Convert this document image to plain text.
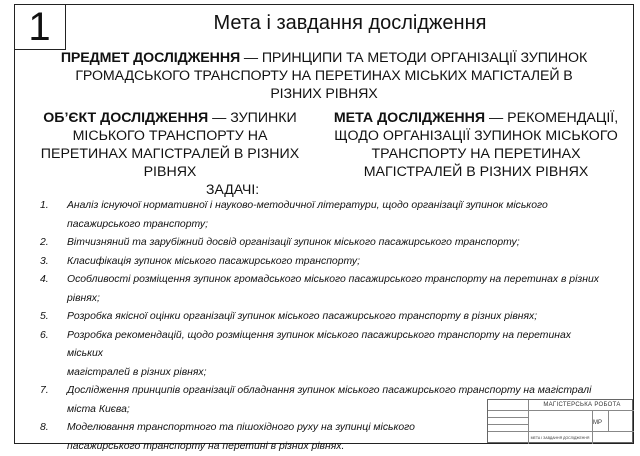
1	Мета і завдання дослідження
ПРЕДМЕТ ДОСЛІДЖЕННЯ — ПРИНЦИПИ ТА МЕТОДИ ОРГАНІЗАЦІЇ ЗУПИНОК
ГРОМАДСЬКОГО ТРАНСПОРТУ НА ПЕРЕТИНАХ МІСЬКИХ МАГІСТАЛЕЙ В
РІЗНИХ РІВНЯХ
ОБ’ЄКТ ДОСЛІДЖЕННЯ — ЗУПИНКИ
МІСЬКОГО ТРАНСПОРТУ НА
ПЕРЕТИНАХ МАГІСТРАЛЕЙ В РІЗНИХ
РІВНЯХ
МЕТА ДОСЛІДЖЕННЯ — РЕКОМЕНДАЦІЇ,
ЩОДО ОРГАНІЗАЦІЇ ЗУПИНОК МІСЬКОГО
ТРАНСПОРТУ НА ПЕРЕТИНАХ
МАГІСТРАЛЕЙ В РІЗНИХ РІВНЯХ
ЗАДАЧІ:
1. Аналіз існуючої нормативної і науково-методичної літератури, щодо організації зупинок міського
пасажирського транспорту;
2. Вітчизняний та зарубіжний досвід організації зупинок міського пасажирського транспорту;
3. Класифікація зупинок міського пасажирського транспорту;
4. Особливості розміщення зупинок громадського міського пасажирського транспорту на перетинах в різних
рівнях;
5. Розробка якісної оцінки організації зупинок міського пасажирського транспорту в різних рівнях;
6. Розробка рекомендацій, щодо розміщення зупинок міського пасажирського транспорту на перетинах міських
магістралей в різних рівнях;
7. Дослідження принципів організації обладнання зупинок міського пасажирського транспорту на магістралі
міста Києва;
8. Моделювання транспортного та пішохідного руху на зупинці міського
пасажирського транспорту на перетині в різних рівнях.
МАГІСТЕРСЬКА РОБОТА
МР
МЕТА І ЗАВДАННЯ ДОСЛІДЖЕННЯ
